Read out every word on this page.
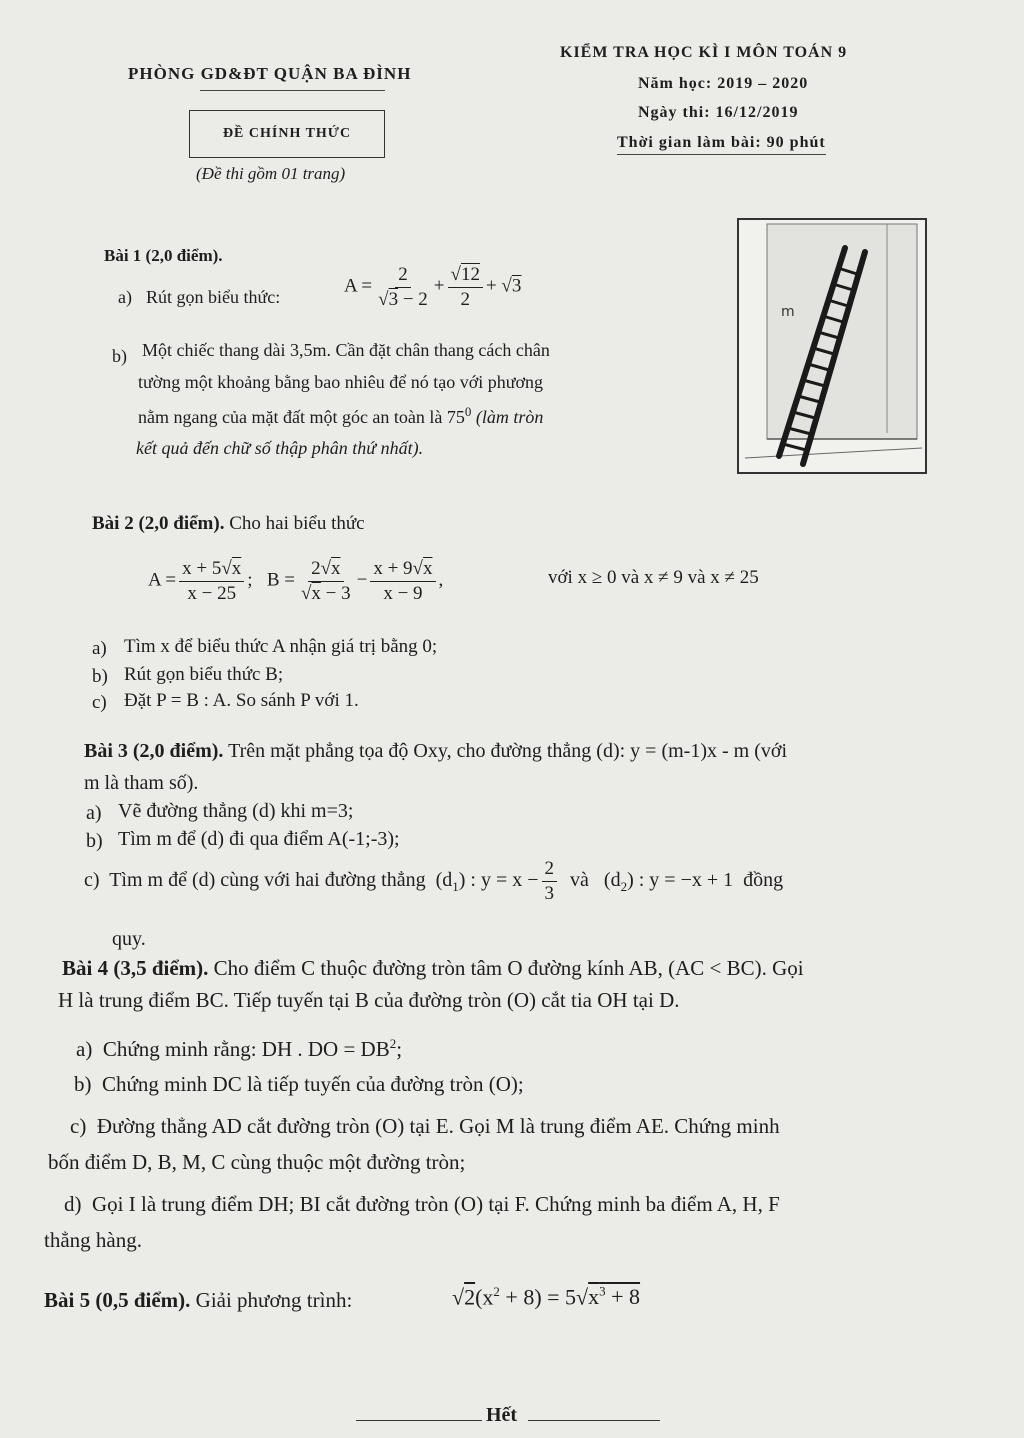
PHÒNG GD&ĐT QUẬN BA ĐÌNH
ĐỀ CHÍNH THỨC
(Đề thi gồm 01 trang)
KIỂM TRA HỌC KÌ I MÔN TOÁN 9
Năm học: 2019 – 2020
Ngày thi: 16/12/2019
Thời gian làm bài: 90 phút
Bài 1 (2,0 điểm).
a) Rút gọn biểu thức:
$A = \frac{2}{√3 - 2} + \frac{√12}{2} + √3$
b) Một chiếc thang dài 3,5m. Cần đặt chân thang cách chân
tường một khoảng bằng bao nhiêu để nó tạo với phương
nằm ngang của mặt đất một góc an toàn là $75^0$ (làm tròn
kết quả đến chữ số thập phân thứ nhất).
m
Bài 2 (2,0 điểm). Cho hai biểu thức
$A = \frac{x + 5√x}{x - 25}$ ;   $B = \frac{2√x}{√x - 3} - \frac{x + 9√x}{x - 9}$ ,	với x ≥ 0 và x ≠ 9 và x ≠ 25
a) Tìm x để biểu thức A nhận giá trị bằng 0;
b) Rút gọn biểu thức B;
c) Đặt P = B : A. So sánh P với 1.
Bài 3 (2,0 điểm). Trên mặt phẳng tọa độ Oxy, cho đường thẳng (d): y = (m-1)x - m (với
m là tham số).
a) Vẽ đường thẳng (d) khi m=3;
b) Tìm m để (d) đi qua điểm A(-1;-3);
c) Tìm m để (d) cùng với hai đường thẳng  $(d_1)$ : $y = x - \frac{2}{3}$ và   $(d_2)$ : y = −x + 1  đồng
quy.
Bài 4 (3,5 điểm). Cho điểm C thuộc đường tròn tâm O đường kính AB, (AC < BC). Gọi
H là trung điểm BC. Tiếp tuyến tại B của đường tròn (O) cắt tia OH tại D.
a) Chứng minh rằng: DH . DO = $DB^2$;
b) Chứng minh DC là tiếp tuyến của đường tròn (O);
c) Đường thẳng AD cắt đường tròn (O) tại E. Gọi M là trung điểm AE. Chứng minh
bốn điểm D, B, M, C cùng thuộc một đường tròn;
d) Gọi I là trung điểm DH; BI cắt đường tròn (O) tại F. Chứng minh ba điểm A, H, F
thẳng hàng.
Bài 5 (0,5 điểm). Giải phương trình:	$√2(x^2 + 8) = 5√x^3 + 8$
Hết
